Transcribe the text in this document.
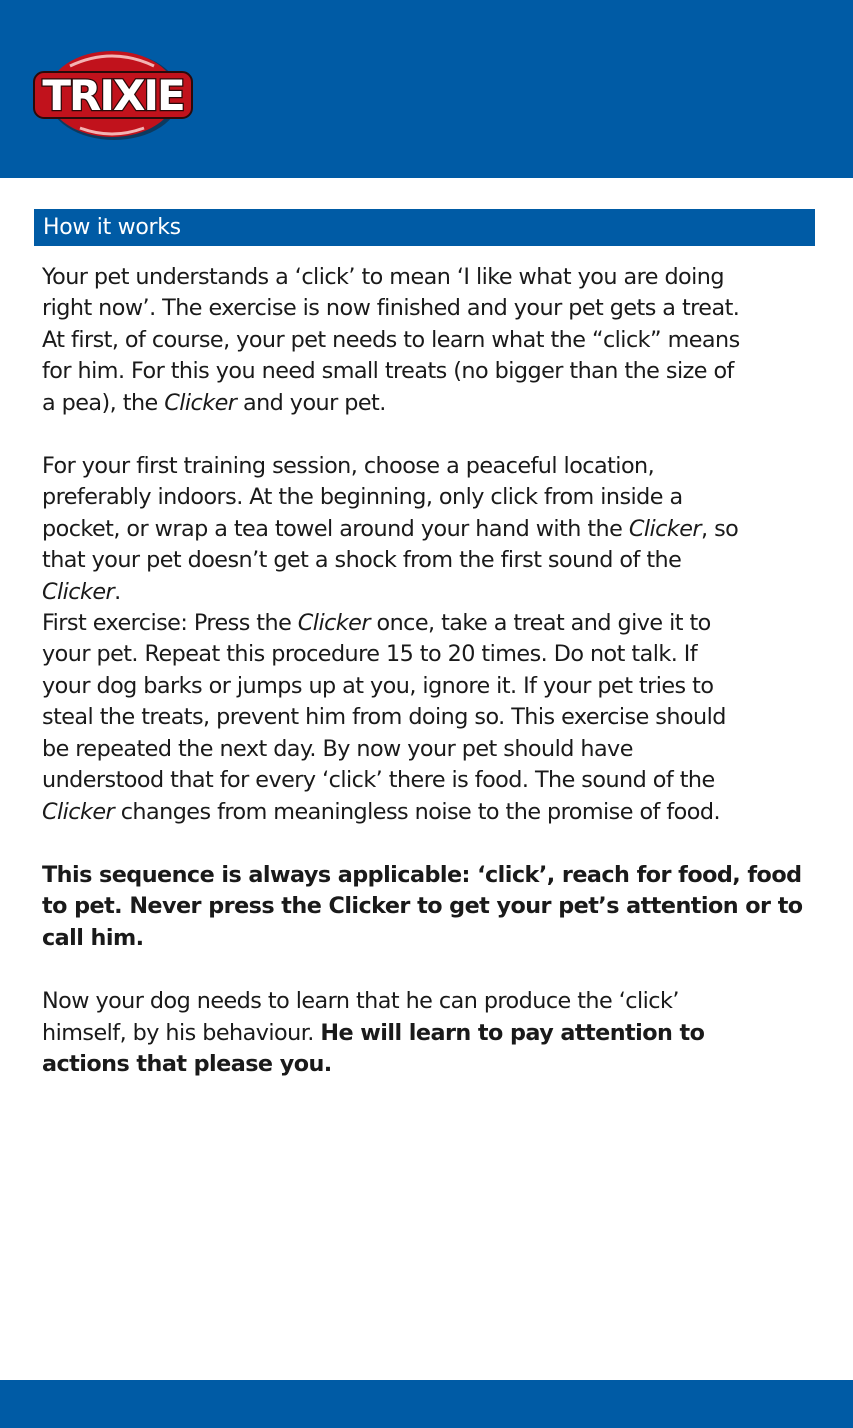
TRIXIE
How it works
Your pet understands a ‘click’ to mean ‘I like what you are doing
right now’. The exercise is now finished and your pet gets a treat.
At first, of course, your pet needs to learn what the “click” means
for him. For this you need small treats (no bigger than the size of
a pea), the Clicker and your pet.
For your first training session, choose a peaceful location,
preferably indoors. At the beginning, only click from inside a
pocket, or wrap a tea towel around your hand with the Clicker, so
that your pet doesn’t get a shock from the first sound of the
Clicker.
First exercise: Press the Clicker once, take a treat and give it to
your pet. Repeat this procedure 15 to 20 times. Do not talk. If
your dog barks or jumps up at you, ignore it. If your pet tries to
steal the treats, prevent him from doing so. This exercise should
be repeated the next day. By now your pet should have
understood that for every ‘click’ there is food. The sound of the
Clicker changes from meaningless noise to the promise of food.
This sequence is always applicable: ‘click’, reach for food, food
to pet. Never press the Clicker to get your pet’s attention or to
call him.
Now your dog needs to learn that he can produce the ‘click’
himself, by his behaviour. He will learn to pay attention to
actions that please you.
